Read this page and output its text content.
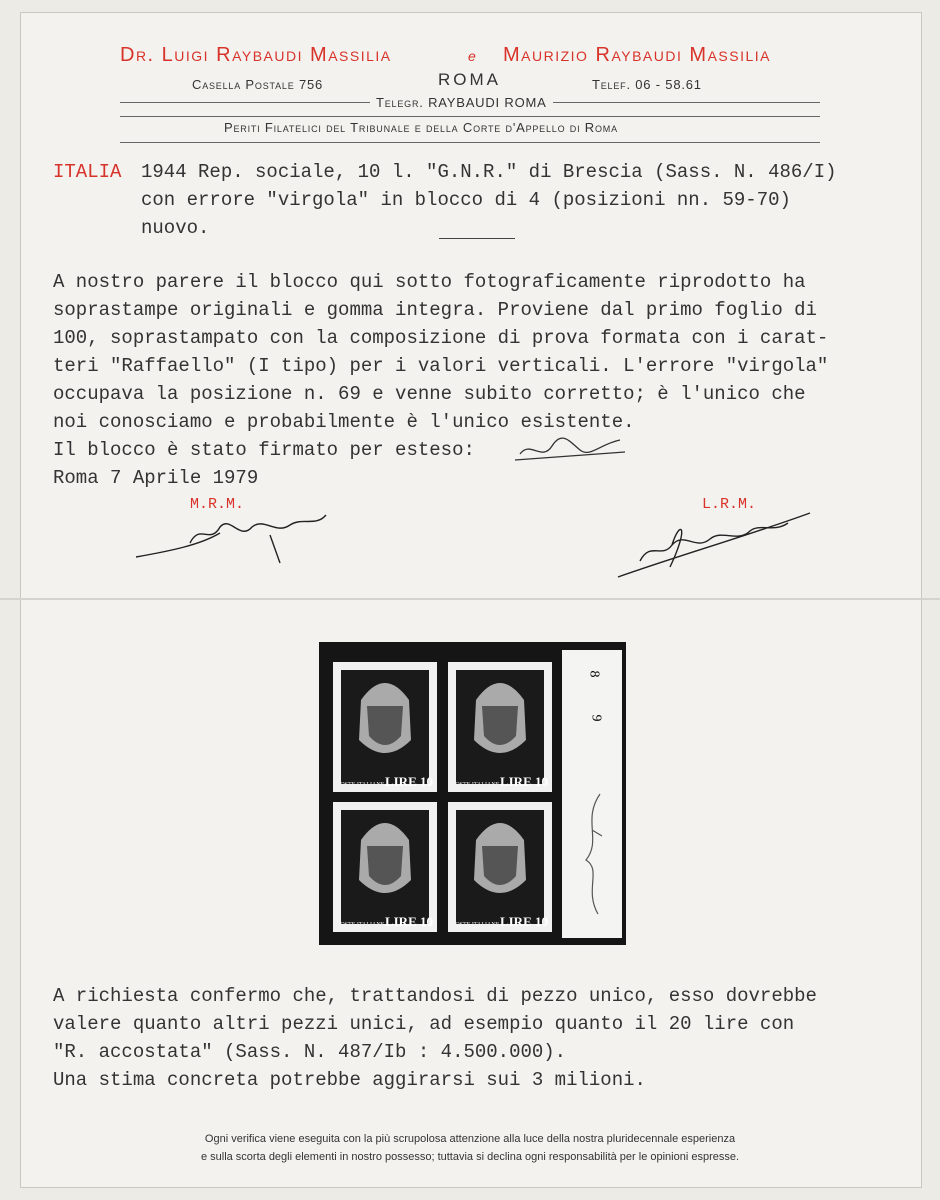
Dr. Luigi Raybaudi Massilia	e Maurizio Raybaudi Massilia
ROMA
Casella Postale 756	Telef. 06 - 58.61
Telegr. RAYBAUDI ROMA
Periti Filatelici del Tribunale e della Corte d'Appello di Roma
ITALIA 1944 Rep. sociale, 10 l. "G.N.R." di Brescia (Sass. N. 486/I)
con errore "virgola" in blocco di 4 (posizioni nn. 59-70)
nuovo.
A nostro parere il blocco qui sotto fotograficamente riprodotto ha
soprastampe originali e gomma integra. Proviene dal primo foglio di
100, soprastampato con la composizione di prova formata con i carat-
teri "Raffaello" (I tipo) per i valori verticali. L'errore "virgola"
occupava la posizione n. 69 e venne subito corretto; è l'unico che
noi conosciamo e probabilmente è l'unico esistente.
Il blocco è stato firmato per esteso:
Roma 7 Aprile 1979
M.R.M.	L.R.M.
POSTE ITALIANE LIRE 10	POSTE ITALIANE LIRE 10
POSTE ITALIANE LIRE 10	POSTE ITALIANE LIRE 10
8
9
A richiesta confermo che, trattandosi di pezzo unico, esso dovrebbe
valere quanto altri pezzi unici, ad esempio quanto il 20 lire con
"R. accostata" (Sass. N. 487/Ib : 4.500.000).
Una stima concreta potrebbe aggirarsi sui 3 milioni.
Ogni verifica viene eseguita con la più scrupolosa attenzione alla luce della nostra pluridecennale esperienza
e sulla scorta degli elementi in nostro possesso; tuttavia si declina ogni responsabilità per le opinioni espresse.
